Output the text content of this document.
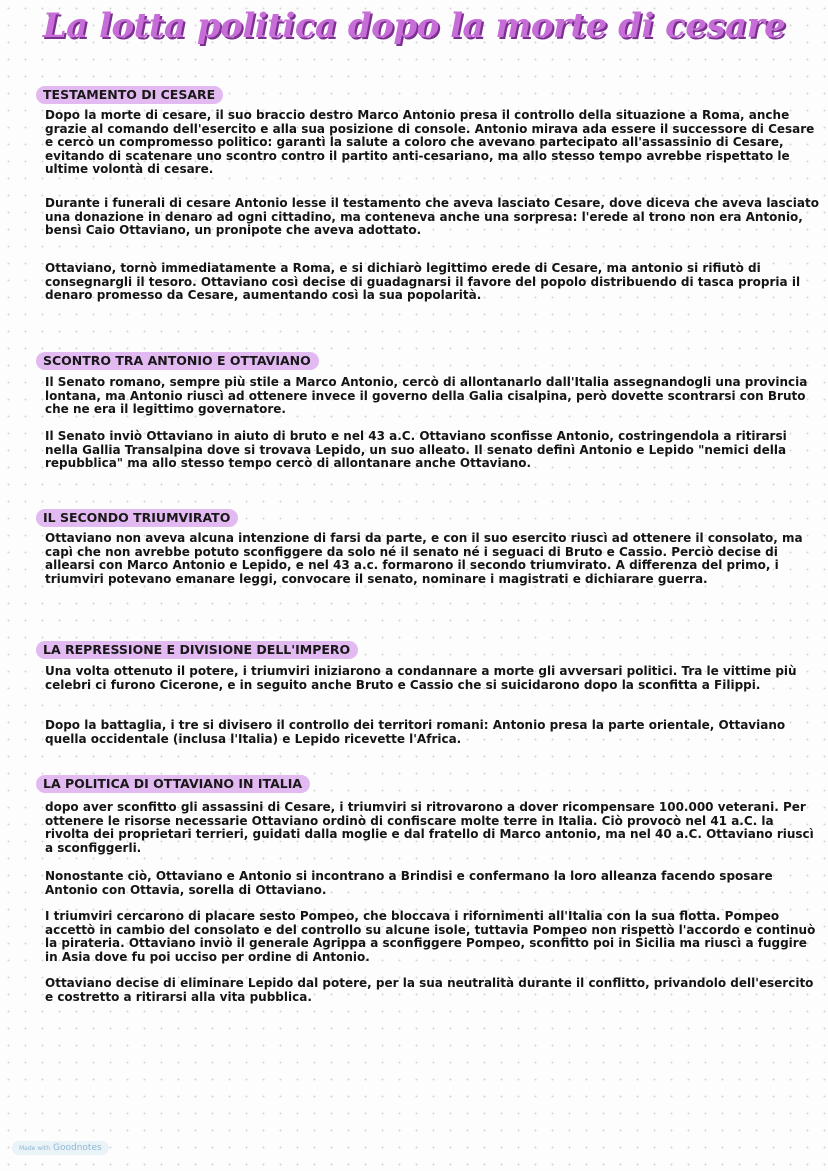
La lotta politica dopo la morte di cesare
TESTAMENTO DI CESARE

Dopo la morte di cesare, il suo braccio destro Marco Antonio presa il controllo della situazione a Roma, anche grazie al comando dell'esercito e alla sua posizione di console. Antonio mirava ada essere il successore di Cesare e cercò un compromesso politico: garantì la salute a coloro che avevano partecipato all'assassinio di Cesare, evitando di scatenare uno scontro contro il partito anti-cesariano, ma allo stesso tempo avrebbe rispettato le ultime volontà di cesare.

Durante i funerali di cesare Antonio lesse il testamento che aveva lasciato Cesare, dove diceva che aveva lasciato una donazione in denaro ad ogni cittadino, ma conteneva anche una sorpresa: l'erede al trono non era Antonio, bensì Caio Ottaviano, un pronipote che aveva adottato.

Ottaviano, tornò immediatamente a Roma, e si dichiarò legittimo erede di Cesare, ma antonio si rifiutò di consegnargli il tesoro. Ottaviano così decise di guadagnarsi il favore del popolo distribuendo di tasca propria il denaro promesso da Cesare, aumentando così la sua popolarità.

SCONTRO TRA ANTONIO E OTTAVIANO

Il Senato romano, sempre più stile a Marco Antonio, cercò di allontanarlo dall'Italia assegnandogli una provincia lontana, ma Antonio riuscì ad ottenere invece il governo della Galia cisalpina, però dovette scontrarsi con Bruto che ne era il legittimo governatore.

Il Senato inviò Ottaviano in aiuto di bruto e nel 43 a.C. Ottaviano sconfisse Antonio, costringendola a ritirarsi nella Gallia Transalpina dove si trovava Lepido, un suo alleato. Il senato definì Antonio e Lepido "nemici della repubblica" ma allo stesso tempo cercò di allontanare anche Ottaviano.

IL SECONDO TRIUMVIRATO

Ottaviano non aveva alcuna intenzione di farsi da parte, e con il suo esercito riuscì ad ottenere il consolato, ma capì che non avrebbe potuto sconfiggere da solo né il senato né i seguaci di Bruto e Cassio. Perciò decise di allearsi con Marco Antonio e Lepido, e nel 43 a.c. formarono il secondo triumvirato. A differenza del primo, i triumviri potevano emanare leggi, convocare il senato, nominare i magistrati e dichiarare guerra.

LA REPRESSIONE E DIVISIONE DELL'IMPERO

Una volta ottenuto il potere, i triumviri iniziarono a condannare a morte gli avversari politici. Tra le vittime più celebri ci furono Cicerone, e in seguito anche Bruto e Cassio che si suicidarono dopo la sconfitta a Filippi.

Dopo la battaglia, i tre si divisero il controllo dei territori romani: Antonio presa la parte orientale, Ottaviano quella occidentale (inclusa l'Italia) e Lepido ricevette l'Africa.

LA POLITICA DI OTTAVIANO IN ITALIA

dopo aver sconfitto gli assassini di Cesare, i triumviri si ritrovarono a dover ricompensare 100.000 veterani. Per ottenere le risorse necessarie Ottaviano ordinò di confiscare molte terre in Italia. Ciò provocò nel 41 a.C. la rivolta dei proprietari terrieri, guidati dalla moglie e dal fratello di Marco antonio, ma nel 40 a.C. Ottaviano riuscì a sconfiggerli.

Nonostante ciò, Ottaviano e Antonio si incontrano a Brindisi e confermano la loro alleanza facendo sposare Antonio con Ottavia, sorella di Ottaviano.

I triumviri cercarono di placare sesto Pompeo, che bloccava i rifornimenti all'Italia con la sua flotta. Pompeo accettò in cambio del consolato e del controllo su alcune isole, tuttavia Pompeo non rispettò l'accordo e continuò la pirateria. Ottaviano inviò il generale Agrippa a sconfiggere Pompeo, sconfitto poi in Sicilia ma riuscì a fuggire in Asia dove fu poi ucciso per ordine di Antonio.

Ottaviano decise di eliminare Lepido dal potere, per la sua neutralità durante il conflitto, privandolo dell'esercito e costretto a ritirarsi alla vita pubblica.

Made with Goodnotes
